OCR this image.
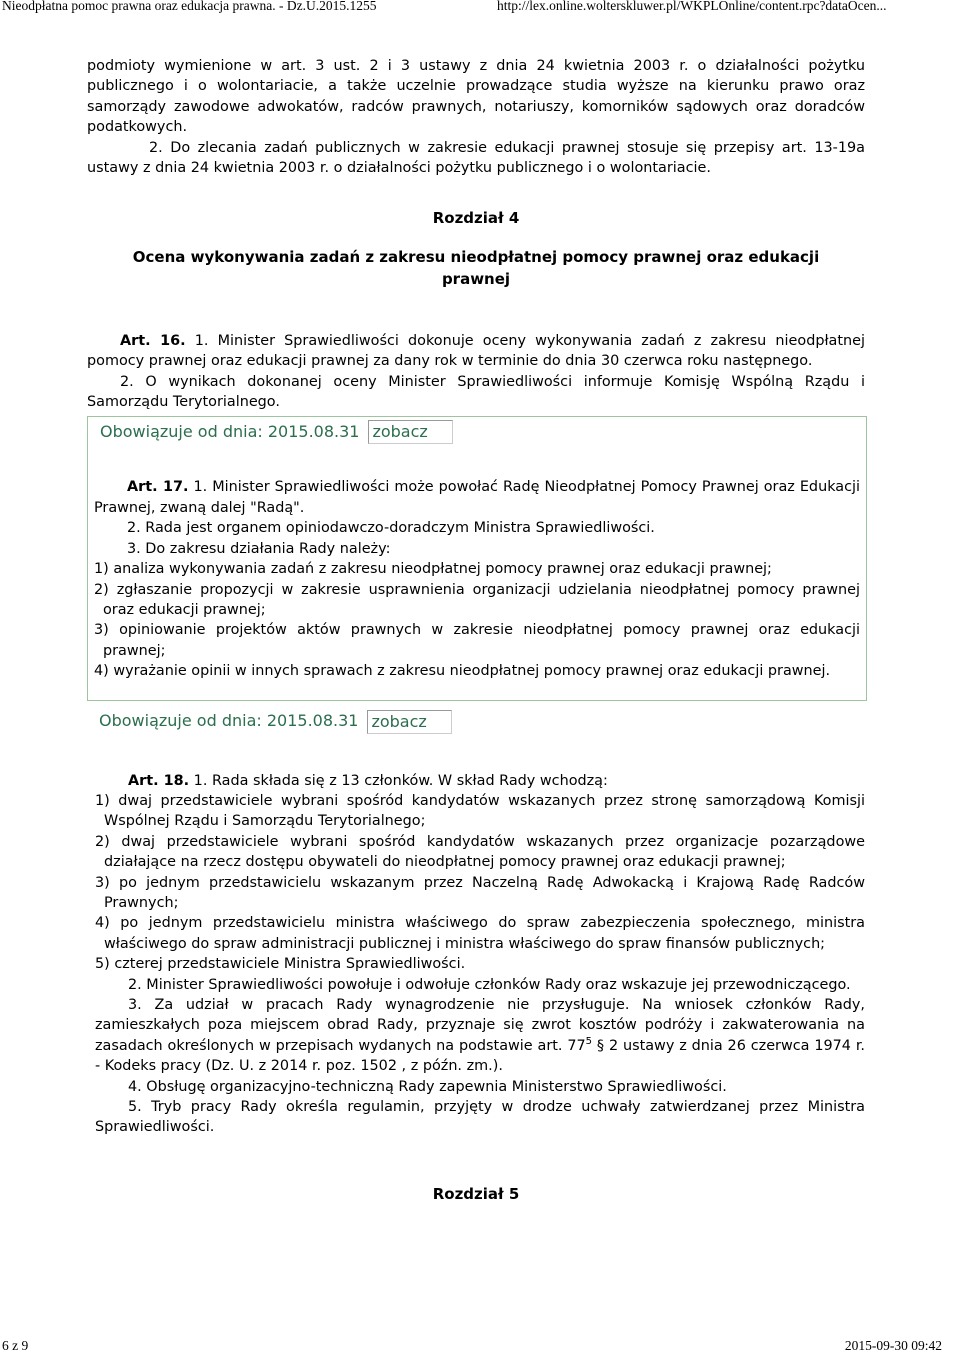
Nieodpłatna pomoc prawna oraz edukacja prawna. - Dz.U.2015.1255	http://lex.online.wolterskluwer.pl/WKPLOnline/content.rpc?dataOcen...

podmioty wymienione w art. 3 ust. 2 i 3 ustawy z dnia 24 kwietnia 2003 r. o działalności pożytku publicznego i o wolontariacie, a także uczelnie prowadzące studia wyższe na kierunku prawo oraz samorządy zawodowe adwokatów, radców prawnych, notariuszy, komorników sądowych oraz doradców podatkowych.

2. Do zlecania zadań publicznych w zakresie edukacji prawnej stosuje się przepisy art. 13-19a ustawy z dnia 24 kwietnia 2003 r. o działalności pożytku publicznego i o wolontariacie.

Rozdział 4

Ocena wykonywania zadań z zakresu nieodpłatnej pomocy prawnej oraz edukacji prawnej

Art. 16. 1. Minister Sprawiedliwości dokonuje oceny wykonywania zadań z zakresu nieodpłatnej pomocy prawnej oraz edukacji prawnej za dany rok w terminie do dnia 30 czerwca roku następnego.

2. O wynikach dokonanej oceny Minister Sprawiedliwości informuje Komisję Wspólną Rządu i Samorządu Terytorialnego.

Obowiązuje od dnia: 2015.08.31 zobacz

Art. 17. 1. Minister Sprawiedliwości może powołać Radę Nieodpłatnej Pomocy Prawnej oraz Edukacji Prawnej, zwaną dalej "Radą".

2. Rada jest organem opiniodawczo-doradczym Ministra Sprawiedliwości.

3. Do zakresu działania Rady należy:

1) analiza wykonywania zadań z zakresu nieodpłatnej pomocy prawnej oraz edukacji prawnej;

2) zgłaszanie propozycji w zakresie usprawnienia organizacji udzielania nieodpłatnej pomocy prawnej oraz edukacji prawnej;

3) opiniowanie projektów aktów prawnych w zakresie nieodpłatnej pomocy prawnej oraz edukacji prawnej;

4) wyrażanie opinii w innych sprawach z zakresu nieodpłatnej pomocy prawnej oraz edukacji prawnej.

Obowiązuje od dnia: 2015.08.31 zobacz

Art. 18. 1. Rada składa się z 13 członków. W skład Rady wchodzą:

1) dwaj przedstawiciele wybrani spośród kandydatów wskazanych przez stronę samorządową Komisji Wspólnej Rządu i Samorządu Terytorialnego;

2) dwaj przedstawiciele wybrani spośród kandydatów wskazanych przez organizacje pozarządowe działające na rzecz dostępu obywateli do nieodpłatnej pomocy prawnej oraz edukacji prawnej;

3) po jednym przedstawicielu wskazanym przez Naczelną Radę Adwokacką i Krajową Radę Radców Prawnych;

4) po jednym przedstawicielu ministra właściwego do spraw zabezpieczenia społecznego, ministra właściwego do spraw administracji publicznej i ministra właściwego do spraw finansów publicznych;

5) czterej przedstawiciele Ministra Sprawiedliwości.

2. Minister Sprawiedliwości powołuje i odwołuje członków Rady oraz wskazuje jej przewodniczącego.

3. Za udział w pracach Rady wynagrodzenie nie przysługuje. Na wniosek członków Rady, zamieszkałych poza miejscem obrad Rady, przyznaje się zwrot kosztów podróży i zakwaterowania na zasadach określonych w przepisach wydanych na podstawie art. $77^5$ § 2 ustawy z dnia 26 czerwca 1974 r. - Kodeks pracy (Dz. U. z 2014 r. poz. 1502 , z późn. zm.).

4. Obsługę organizacyjno-techniczną Rady zapewnia Ministerstwo Sprawiedliwości.

5. Tryb pracy Rady określa regulamin, przyjęty w drodze uchwały zatwierdzanej przez Ministra Sprawiedliwości.

Rozdział 5

6 z 9	2015-09-30 09:42
